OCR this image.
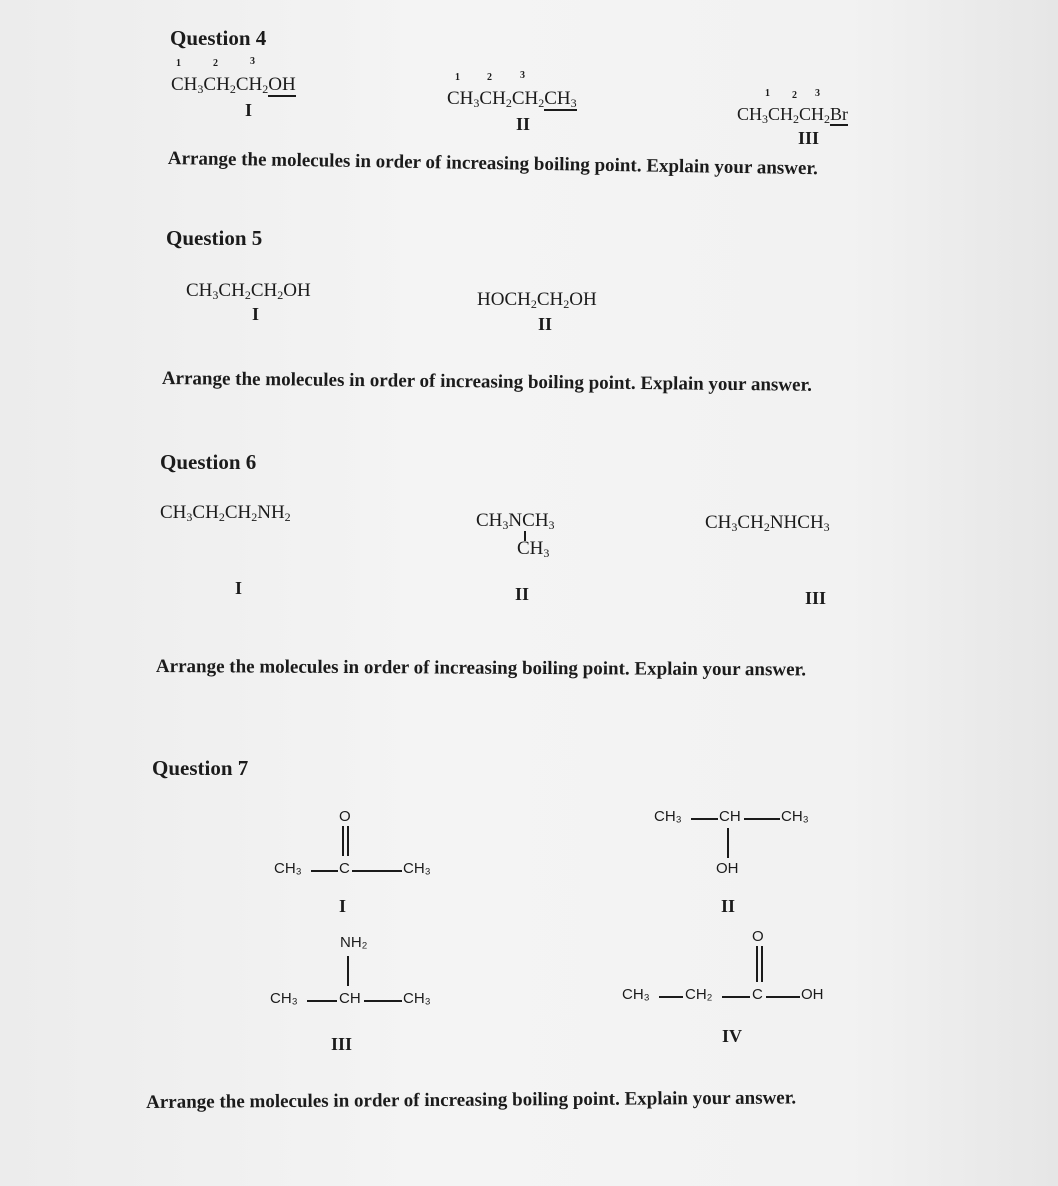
Question 4
1	2	3
$CH_3CH_2CH_2OH$
I
1	2	3
$CH_3CH_2CH_2CH_3$
II
1 2 3
$CH_3CH_2CH_2Br$
III
Arrange the molecules in order of increasing boiling point. Explain your answer.
Question 5
$CH_3CH_2CH_2OH$
I
$HOCH_2CH_2OH$
II
Arrange the molecules in order of increasing boiling point. Explain your answer.
Question 6
$CH_3CH_2CH_2NH_2$
I
$CH_3NCH_3$
$CH_3$
II
$CH_3CH_2NHCH_3$
III
Arrange the molecules in order of increasing boiling point. Explain your answer.
Question 7
O
CH₃ C	CH₃
I
CH₃ CH	CH₃
OH
II
NH₂
CH₃	CH	CH₃
III
O
CH₃ CH₂	C	OH
IV
Arrange the molecules in order of increasing boiling point. Explain your answer.
